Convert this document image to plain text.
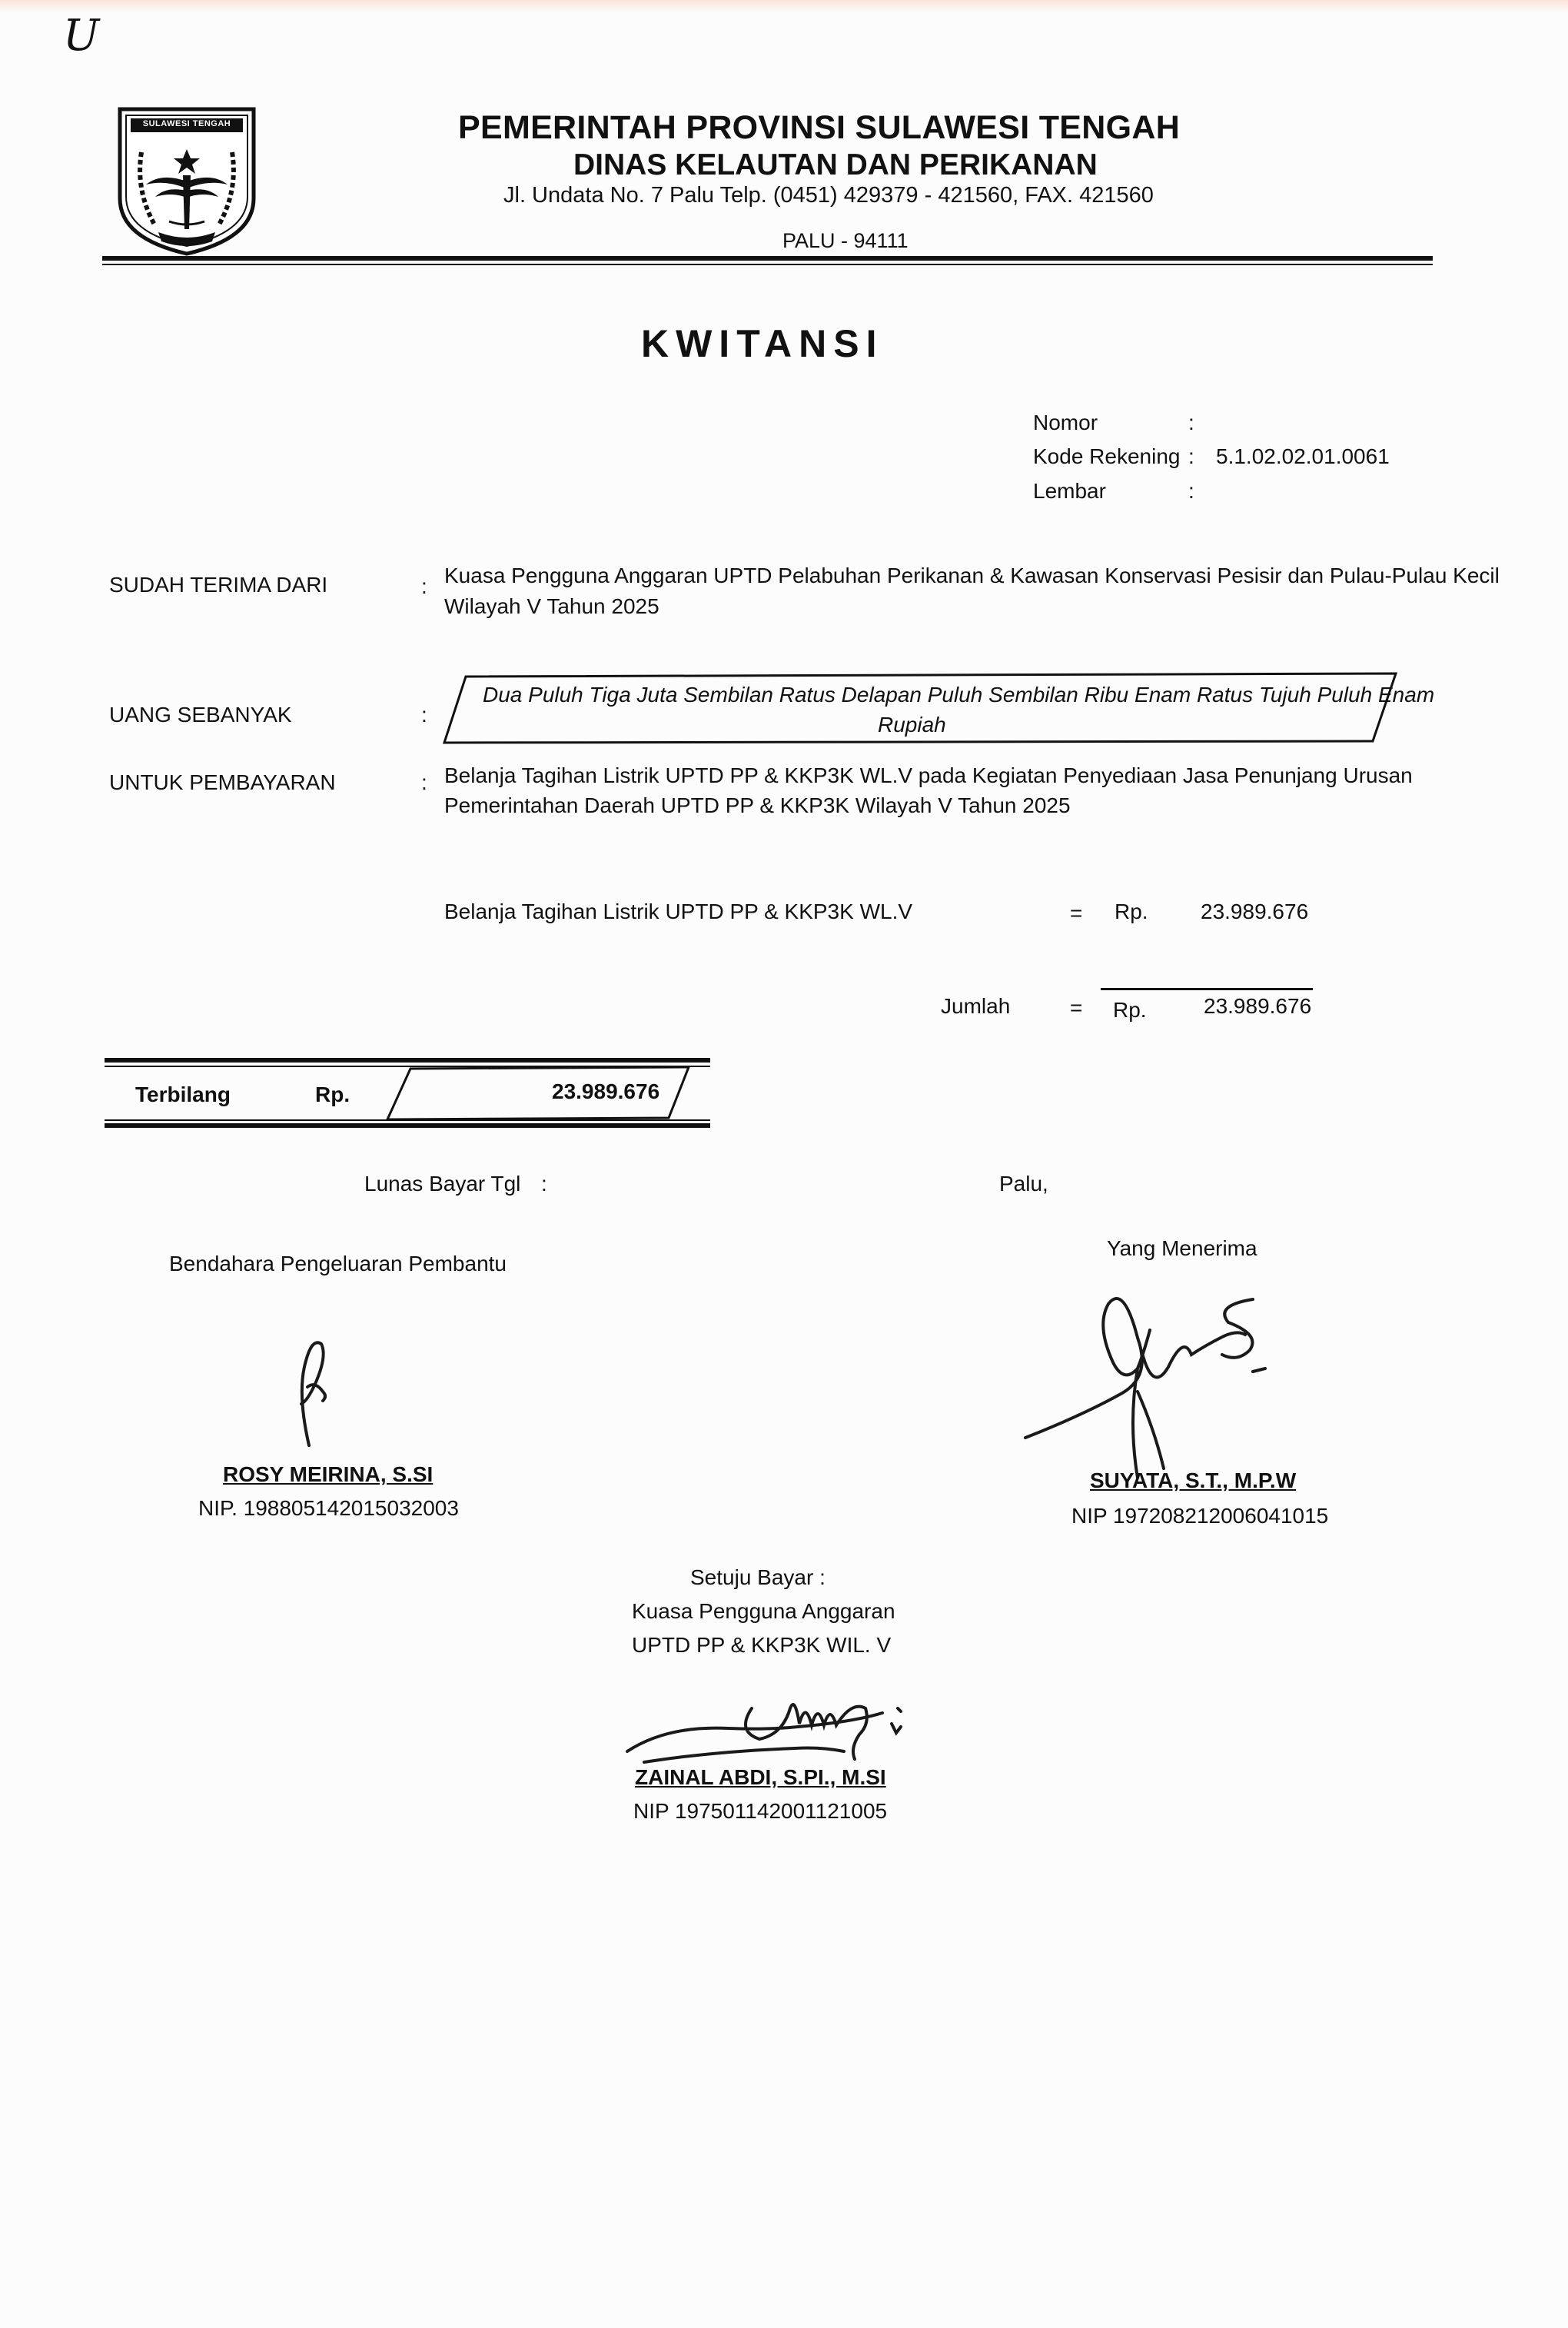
U
SULAWESI TENGAH	PEMERINTAH PROVINSI SULAWESI TENGAH
DINAS KELAUTAN DAN PERIKANAN
Jl. Undata No. 7 Palu Telp. (0451) 429379 - 421560, FAX. 421560
PALU - 94111
KWITANSI
Nomor	:
Kode Rekening : 5.1.02.02.01.0061
Lembar	:
SUDAH TERIMA DARI	: Kuasa Pengguna Anggaran UPTD Pelabuhan Perikanan & Kawasan Konservasi Pesisir dan Pulau-Pulau Kecil
Wilayah V Tahun 2025
UANG SEBANYAK	:
Dua Puluh Tiga Juta Sembilan Ratus Delapan Puluh Sembilan Ribu Enam Ratus Tujuh Puluh Enam
Rupiah
UNTUK PEMBAYARAN	: Belanja Tagihan Listrik UPTD PP & KKP3K WL.V pada Kegiatan Penyediaan Jasa Penunjang Urusan
Pemerintahan Daerah UPTD PP & KKP3K Wilayah V Tahun 2025
Belanja Tagihan Listrik UPTD PP & KKP3K WL.V	= Rp. 23.989.676
Jumlah	= Rp.	23.989.676
Terbilang	Rp.	23.989.676
Lunas Bayar Tgl :	Palu,
Bendahara Pengeluaran Pembantu
ROSY MEIRINA, S.SI
NIP. 198805142015032003
Yang Menerima
SUYATA, S.T., M.P.W
NIP 197208212006041015
Setuju Bayar :
Kuasa Pengguna Anggaran
UPTD PP & KKP3K WIL. V
ZAINAL ABDI, S.PI., M.SI
NIP 197501142001121005
